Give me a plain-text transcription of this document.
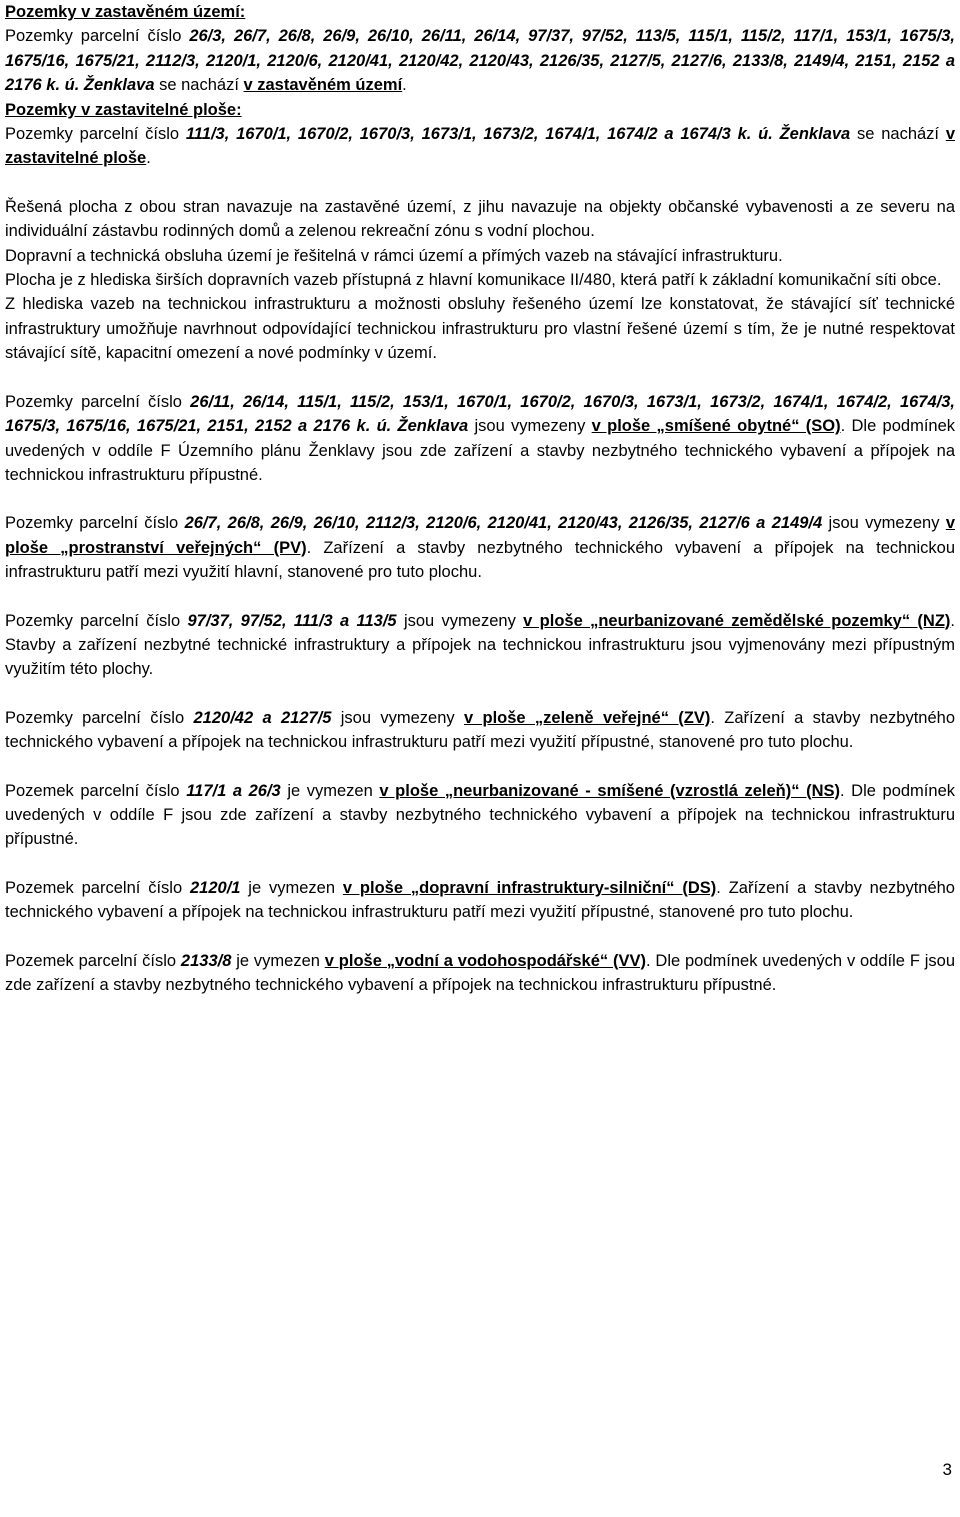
Pozemky v zastavěném území:

Pozemky parcelní číslo 26/3, 26/7, 26/8, 26/9, 26/10, 26/11, 26/14, 97/37, 97/52, 113/5, 115/1, 115/2, 117/1, 153/1, 1675/3, 1675/16, 1675/21, 2112/3, 2120/1, 2120/6, 2120/41, 2120/42, 2120/43, 2126/35, 2127/5, 2127/6, 2133/8, 2149/4, 2151, 2152 a 2176 k. ú. Ženklava se nachází v zastavěném území.

Pozemky v zastavitelné ploše:

Pozemky parcelní číslo 111/3, 1670/1, 1670/2, 1670/3, 1673/1, 1673/2, 1674/1, 1674/2 a 1674/3 k. ú. Ženklava se nachází v zastavitelné ploše.

Řešená plocha z obou stran navazuje na zastavěné území, z jihu navazuje na objekty občanské vybavenosti a ze severu na individuální zástavbu rodinných domů a zelenou rekreační zónu s vodní plochou.

Dopravní a technická obsluha území je řešitelná v rámci území a přímých vazeb na stávající infrastrukturu.

Plocha je z hlediska širších dopravních vazeb přístupná z hlavní komunikace II/480, která patří k základní komunikační síti obce.

Z hlediska vazeb na technickou infrastrukturu a možnosti obsluhy řešeného území lze konstatovat, že stávající síť technické infrastruktury umožňuje navrhnout odpovídající technickou infrastrukturu pro vlastní řešené území s tím, že je nutné respektovat stávající sítě, kapacitní omezení a nové podmínky v území.

Pozemky parcelní číslo 26/11, 26/14, 115/1, 115/2, 153/1, 1670/1, 1670/2, 1670/3, 1673/1, 1673/2, 1674/1, 1674/2, 1674/3, 1675/3, 1675/16, 1675/21, 2151, 2152 a 2176 k. ú. Ženklava jsou vymezeny v ploše „smíšené obytné“ (SO). Dle podmínek uvedených v oddíle F Územního plánu Ženklavy jsou zde zařízení a stavby nezbytného technického vybavení a přípojek na technickou infrastrukturu přípustné.

Pozemky parcelní číslo 26/7, 26/8, 26/9, 26/10, 2112/3, 2120/6, 2120/41, 2120/43, 2126/35, 2127/6 a 2149/4 jsou vymezeny v ploše „prostranství veřejných“ (PV). Zařízení a stavby nezbytného technického vybavení a přípojek na technickou infrastrukturu patří mezi využití hlavní, stanovené pro tuto plochu.

Pozemky parcelní číslo 97/37, 97/52, 111/3 a 113/5 jsou vymezeny v ploše „neurbanizované zemědělské pozemky“ (NZ). Stavby a zařízení nezbytné technické infrastruktury a přípojek na technickou infrastrukturu jsou vyjmenovány mezi přípustným využitím této plochy.

Pozemky parcelní číslo 2120/42 a 2127/5 jsou vymezeny v ploše „zeleně veřejné“ (ZV). Zařízení a stavby nezbytného technického vybavení a přípojek na technickou infrastrukturu patří mezi využití přípustné, stanovené pro tuto plochu.

Pozemek parcelní číslo 117/1 a 26/3 je vymezen v ploše „neurbanizované - smíšené (vzrostlá zeleň)“ (NS). Dle podmínek uvedených v oddíle F jsou zde zařízení a stavby nezbytného technického vybavení a přípojek na technickou infrastrukturu přípustné.

Pozemek parcelní číslo 2120/1 je vymezen v ploše „dopravní infrastruktury-silniční“ (DS). Zařízení a stavby nezbytného technického vybavení a přípojek na technickou infrastrukturu patří mezi využití přípustné, stanovené pro tuto plochu.

Pozemek parcelní číslo 2133/8 je vymezen v ploše „vodní a vodohospodářské“ (VV). Dle podmínek uvedených v oddíle F jsou zde zařízení a stavby nezbytného technického vybavení a přípojek na technickou infrastrukturu přípustné.

3
